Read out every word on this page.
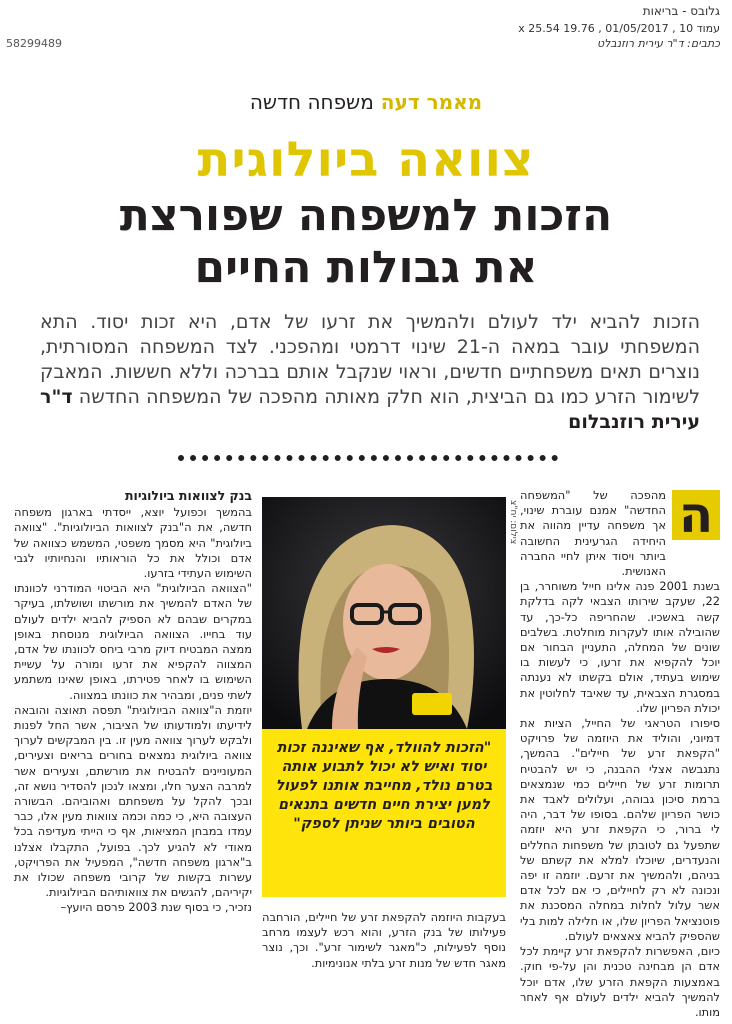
גלובס - בריאות
עמוד 10 , 01/05/2017 , 19.76 x 25.54
כתבים: ד"ר עירית רוזנבלט
58299489
מאמר דעה משפחה חדשה
צוואה ביולוגית
הזכות למשפחה שפורצת
את גבולות החיים
הזכות להביא ילד לעולם ולהמשיך את זרעו של אדם, היא זכות יסוד. התא המשפחתי עובר במאה ה-21 שינוי דרמטי ומהפכני. לצד המשפחה המסורתית, נוצרים תאים משפחתיים חדשים, וראוי שנקבל אותם בברכה וללא חששות. המאבק לשימור הזרע כמו גם הביצית, הוא חלק מאותה מהפכה של המשפחה החדשה ד"ר עירית רוזנבלום
ה

מהפכה של "המשפחה החדשה" אמנם עוברת שינוי, אך משפחה עדיין מהווה את היחידה הגרעינית החשובה ביותר ויסוד איתן לחיי החברה האנושית.

בשנת 2001 פנה אלינו חייל משוחרר, בן 22, שעקב שירותו הצבאי לקה בדלקת קשה באשכיו. שהחריפה כל-כך, עד שהובילה אותו לעקרות מוחלטת. בשלבים שונים של המחלה, התעניין הבחור אם יוכל להקפיא את זרעו, כי לעשות בו שימוש בעתיד, אולם בקשתו לא נענתה במסגרת הצבאית, עד שאיבד לחלוטין את יכולת הפריון שלו.

סיפורו הטראגי של החייל, הציות את דמיוני, והוליד את היוזמה של פרויקט "הקפאת זרע של חיילים". בהמשך, נתגבשה אצלי ההבנה, כי יש להבטיח תרומות זרע של חיילים כמי שנמצאים ברמת סיכון גבוהה, ועלולים לאבד את כושר הפריון שלהם. בסופו של דבר, היה לי ברור, כי הקפאת זרע היא יוזמה שתפעל גם לטובתן של משפחות החללים והנעדרים, שיוכלו למלא את קשתם של בניהם, ולהמשיך את זרעם. יוזמה זו יפה ונכונה לא רק לחיילים, כי אם לכל אדם אשר עלול לחלות במחלה המסכנת את פוטנציאל הפריון שלו, או חלילה למות בלי שהספיק להביא צאצאים לעולם.

כיום, האפשרות להקפאת זרע קיימת לכל אדם הן מבחינה טכנית והן על-פי חוק. באמצעות הקפאת הזרע שלו, אדם יוכל להמשיך להביא ילדים לעולם אף לאחר מותו.

צילום: יח"צ
"הזכות להוולד, אף שאיננה זכות יסוד ואיש לא יכול לתבוע אותה בטרם נולד, מחייבת אותנו לפעול למען יצירת חיים חדשים בתנאים הטובים ביותר שניתן לספק"

בעקבות היוזמה להקפאת זרע של חיילים, הורחבה פעילותו של בנק הזרע, והוא רכש לעצמו מרחב נוסף לפעילות, כ"מאגר לשימור זרע". וכך, נוצר מאגר חדש של מנות זרע בלתי אנונימיות.

בנק לצוואות ביולוגיות

בהמשך וכפועל יוצא, ייסדתי בארגון משפחה חדשה, את ה"בנק לצוואות הביולוגיות". "צוואה ביולוגית" היא מסמך משפטי, המשמש כצוואה של אדם וכולל את כל הוראותיו והנחיותיו לגבי השימוש העתידי בזרעו.

"הצוואה הביולוגית" היא הביטוי המודרני לכוונתו של האדם להמשיך את מורשתו ושושלתו, בעיקר במקרים שבהם לא הספיק להביא ילדים לעולם עוד בחייו. הצוואה הביולוגית מנוסחת באופן ממצה המבטיח דיוק מרבי ביחס לכוונתו של אדם, המצווה להקפיא את זרעו ומורה על עשיית השימוש בו לאחר פטירתו, באופן שאינו משתמע לשתי פנים, ומבהיר את כוונתו במצווה.

יוזמת ה"צוואה הביולוגית" תפסה תאוצה והובאה לידיעתו ולמודעותו של הציבור, אשר החל לפנות ולבקש לערוך צוואה מעין זו. בין המבקשים לערוך צוואה ביולוגית נמצאים בחורים בריאים וצעירים, המעוניינים להבטיח את מורשתם, וצעירים אשר למרבה הצער חלו, ומצאו לנכון להסדיר נושא זה, ובכך להקל על משפחתם ואהוביהם. הבשורה העצובה היא, כי כמה וכמה צוואות מעין אלו, כבר עמדו במבחן המציאות, אף כי הייתי מעדיפה בכל מאודי לא להגיע לכך. בפועל, התקבלו אצלנו ב"ארגון משפחה חדשה", המפעיל את הפרויקט, עשרות בקשות של קרובי משפחה שכולו את יקיריהם, להגשים את צוואותיהם הביולוגיות.

נזכיר, כי בסוף שנת 2003 פרסם היועץ–
